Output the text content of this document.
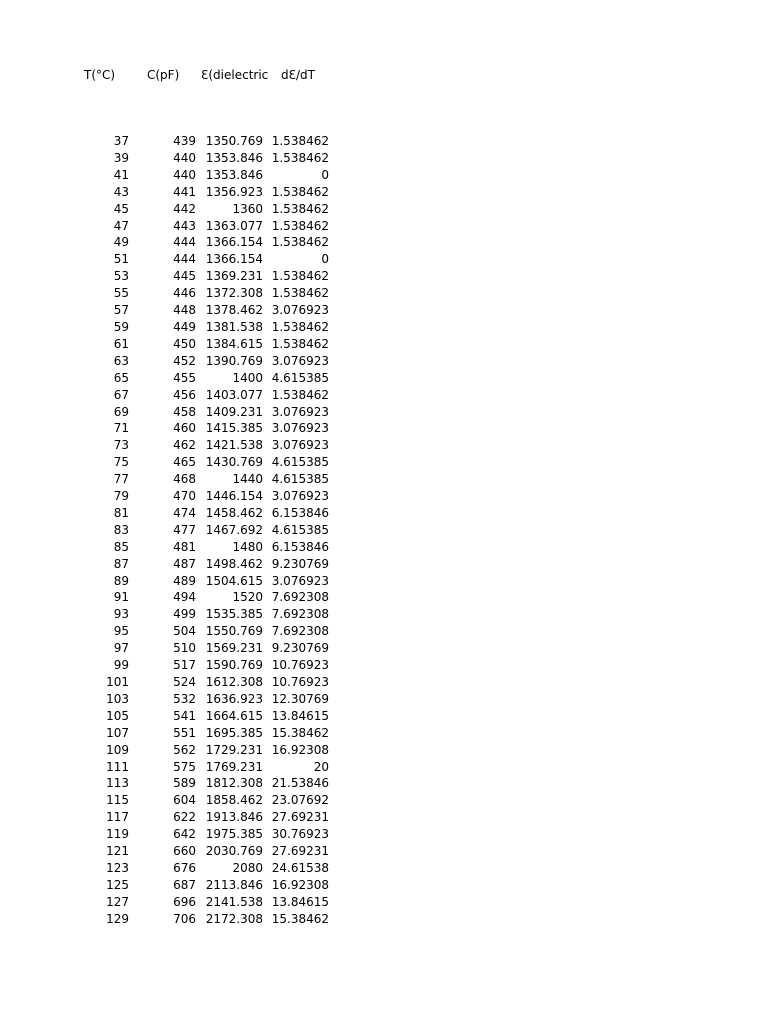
T(°C)	C(pF) Ɛ(dielectric dƐ/dT
37	439 1350.769 1.538462
39	440 1353.846 1.538462
41	440 1353.846	0
43	441 1356.923 1.538462
45	442	1360 1.538462
47	443 1363.077 1.538462
49	444 1366.154 1.538462
51	444 1366.154	0
53	445 1369.231 1.538462
55	446 1372.308 1.538462
57	448 1378.462 3.076923
59	449 1381.538 1.538462
61	450 1384.615 1.538462
63	452 1390.769 3.076923
65	455	1400 4.615385
67	456 1403.077 1.538462
69	458 1409.231 3.076923
71	460 1415.385 3.076923
73	462 1421.538 3.076923
75	465 1430.769 4.615385
77	468	1440 4.615385
79	470 1446.154 3.076923
81	474 1458.462 6.153846
83	477 1467.692 4.615385
85	481	1480 6.153846
87	487 1498.462 9.230769
89	489 1504.615 3.076923
91	494	1520 7.692308
93	499 1535.385 7.692308
95	504 1550.769 7.692308
97	510 1569.231 9.230769
99	517 1590.769 10.76923
101	524 1612.308 10.76923
103	532 1636.923 12.30769
105	541 1664.615 13.84615
107	551 1695.385 15.38462
109	562 1729.231 16.92308
111	575 1769.231	20
113	589 1812.308 21.53846
115	604 1858.462 23.07692
117	622 1913.846 27.69231
119	642 1975.385 30.76923
121	660 2030.769 27.69231
123	676	2080 24.61538
125	687 2113.846 16.92308
127	696 2141.538 13.84615
129	706 2172.308 15.38462
